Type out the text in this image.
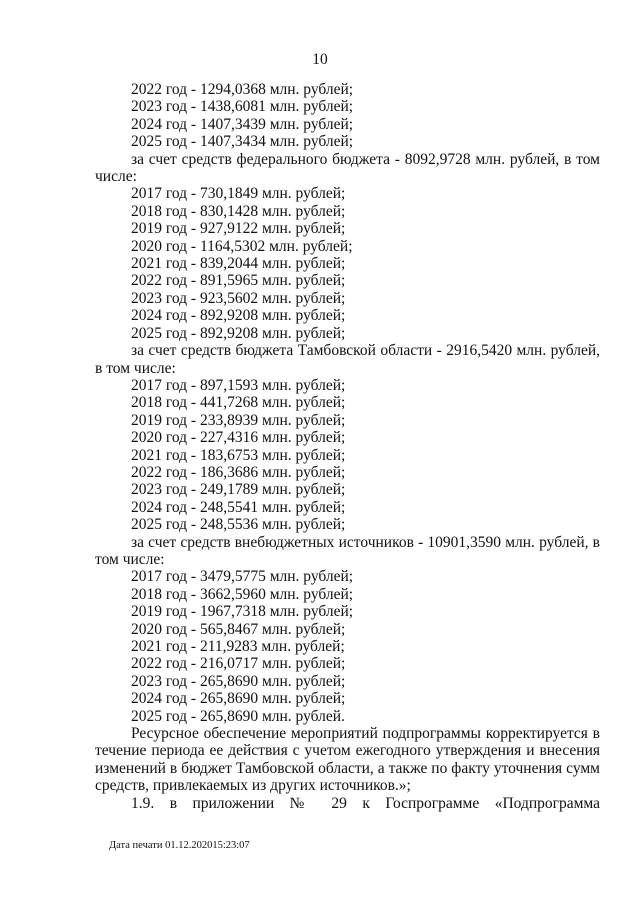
10
2022 год - 1294,0368 млн. рублей;
2023 год - 1438,6081 млн. рублей;
2024 год - 1407,3439 млн. рублей;
2025 год - 1407,3434 млн. рублей;
за счет средств федерального бюджета - 8092,9728 млн. рублей, в том
числе:
2017 год - 730,1849 млн. рублей;
2018 год - 830,1428 млн. рублей;
2019 год - 927,9122 млн. рублей;
2020 год - 1164,5302 млн. рублей;
2021 год - 839,2044 млн. рублей;
2022 год - 891,5965 млн. рублей;
2023 год - 923,5602 млн. рублей;
2024 год - 892,9208 млн. рублей;
2025 год - 892,9208 млн. рублей;
за счет средств бюджета Тамбовской области - 2916,5420 млн. рублей,
в том числе:
2017 год - 897,1593 млн. рублей;
2018 год - 441,7268 млн. рублей;
2019 год - 233,8939 млн. рублей;
2020 год - 227,4316 млн. рублей;
2021 год - 183,6753 млн. рублей;
2022 год - 186,3686 млн. рублей;
2023 год - 249,1789 млн. рублей;
2024 год - 248,5541 млн. рублей;
2025 год - 248,5536 млн. рублей;
за счет средств внебюджетных источников - 10901,3590 млн. рублей, в
том числе:
2017 год - 3479,5775 млн. рублей;
2018 год - 3662,5960 млн. рублей;
2019 год - 1967,7318 млн. рублей;
2020 год - 565,8467 млн. рублей;
2021 год - 211,9283 млн. рублей;
2022 год - 216,0717 млн. рублей;
2023 год - 265,8690 млн. рублей;
2024 год - 265,8690 млн. рублей;
2025 год - 265,8690 млн. рублей.
Ресурсное обеспечение мероприятий подпрограммы корректируется в
течение периода ее действия с учетом ежегодного утверждения и внесения
изменений в бюджет Тамбовской области, а также по факту уточнения сумм
средств, привлекаемых из других источников.»;
1.9. в приложении № 29 к Госпрограмме «Подпрограмма
Дата печати 01.12.202015:23:07
